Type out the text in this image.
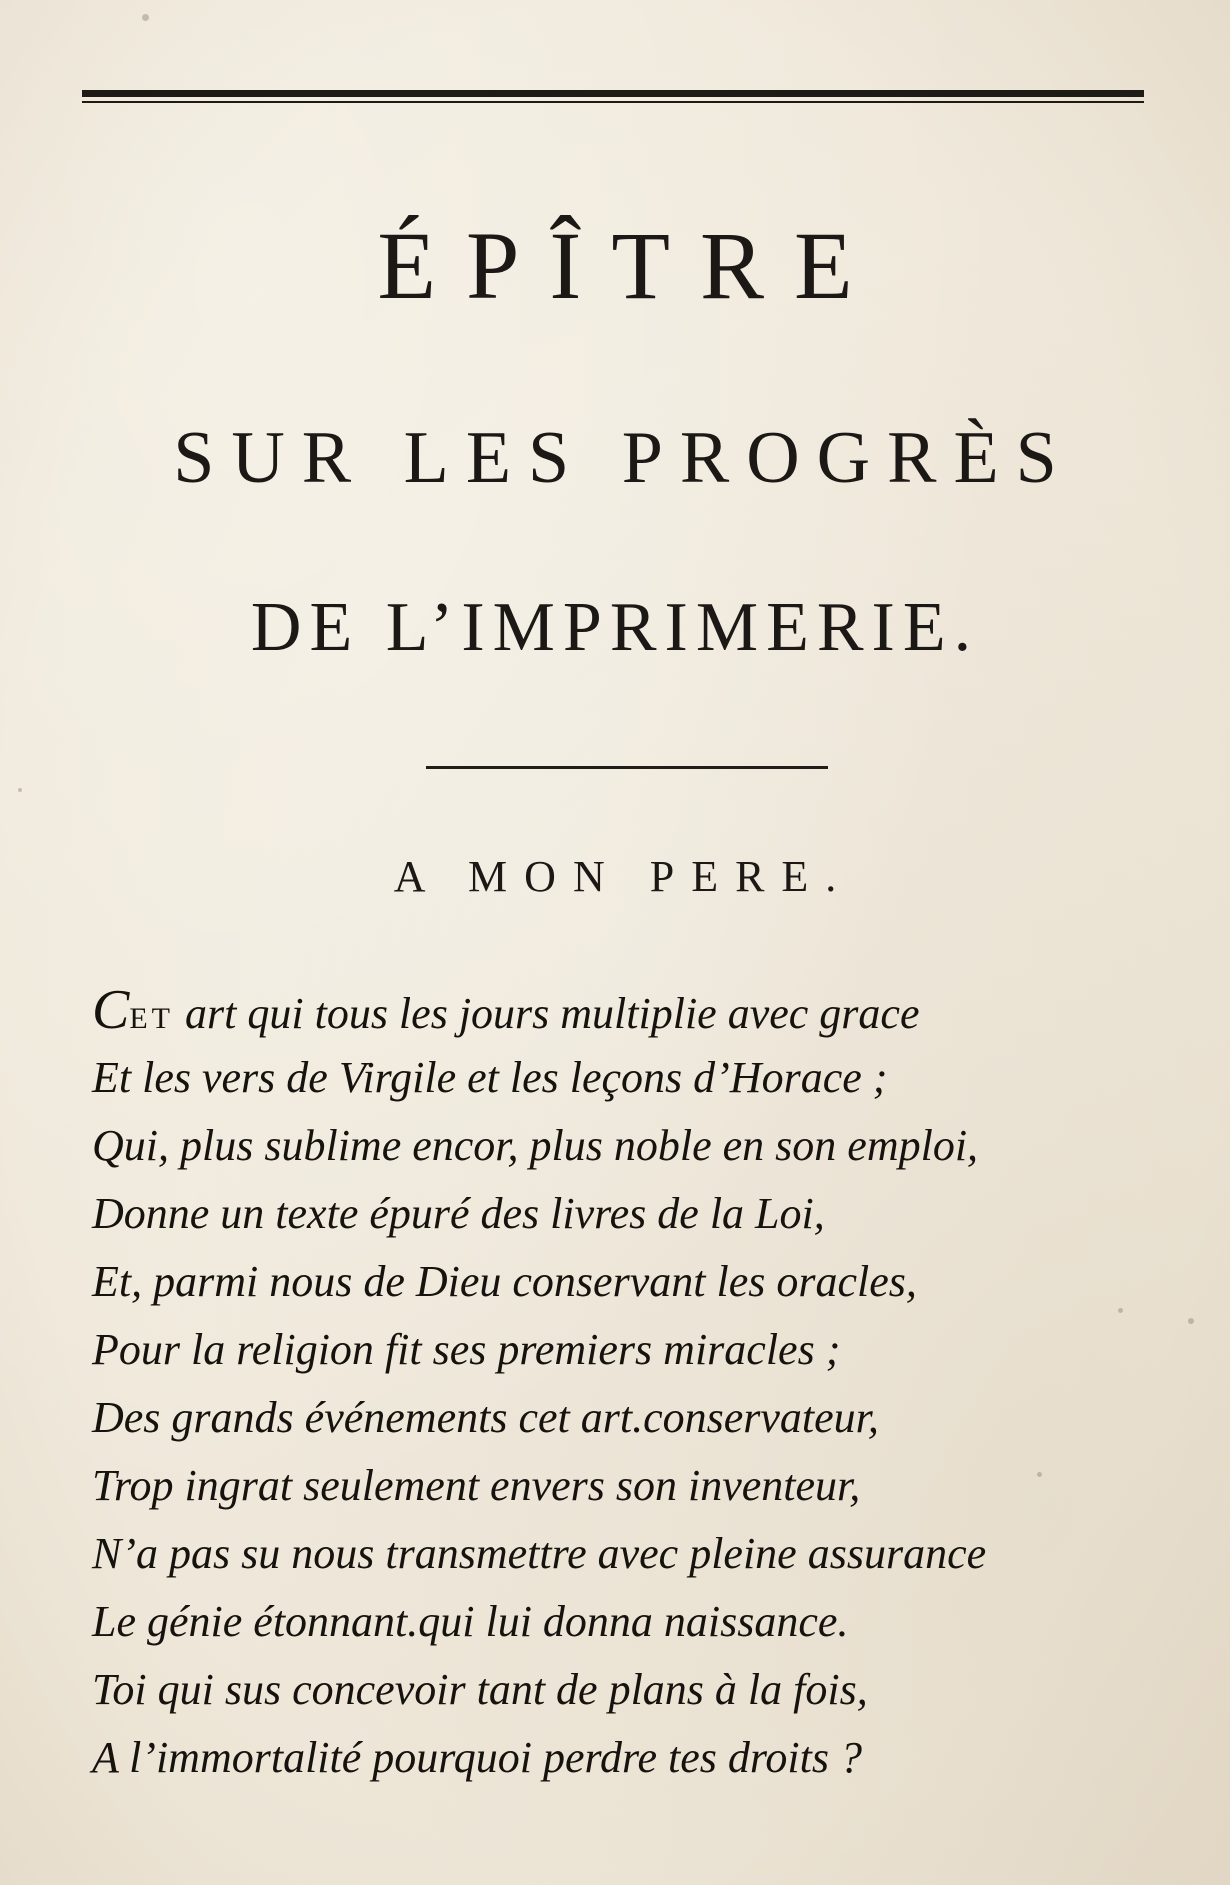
ÉPÎTRE
SUR LES PROGRÈS
DE L’IMPRIMERIE.
A MON PERE.
CET art qui tous les jours multiplie avec grace
Et les vers de Virgile et les leçons d’Horace ;
Qui, plus sublime encor, plus noble en son emploi,
Donne un texte épuré des livres de la Loi,
Et, parmi nous de Dieu conservant les oracles,
Pour la religion fit ses premiers miracles ;
Des grands événements cet art.conservateur,
Trop ingrat seulement envers son inventeur,
N’a pas su nous transmettre avec pleine assurance
Le génie étonnant.qui lui donna naissance.
Toi qui sus concevoir tant de plans à la fois,
A l’immortalité pourquoi perdre tes droits ?
